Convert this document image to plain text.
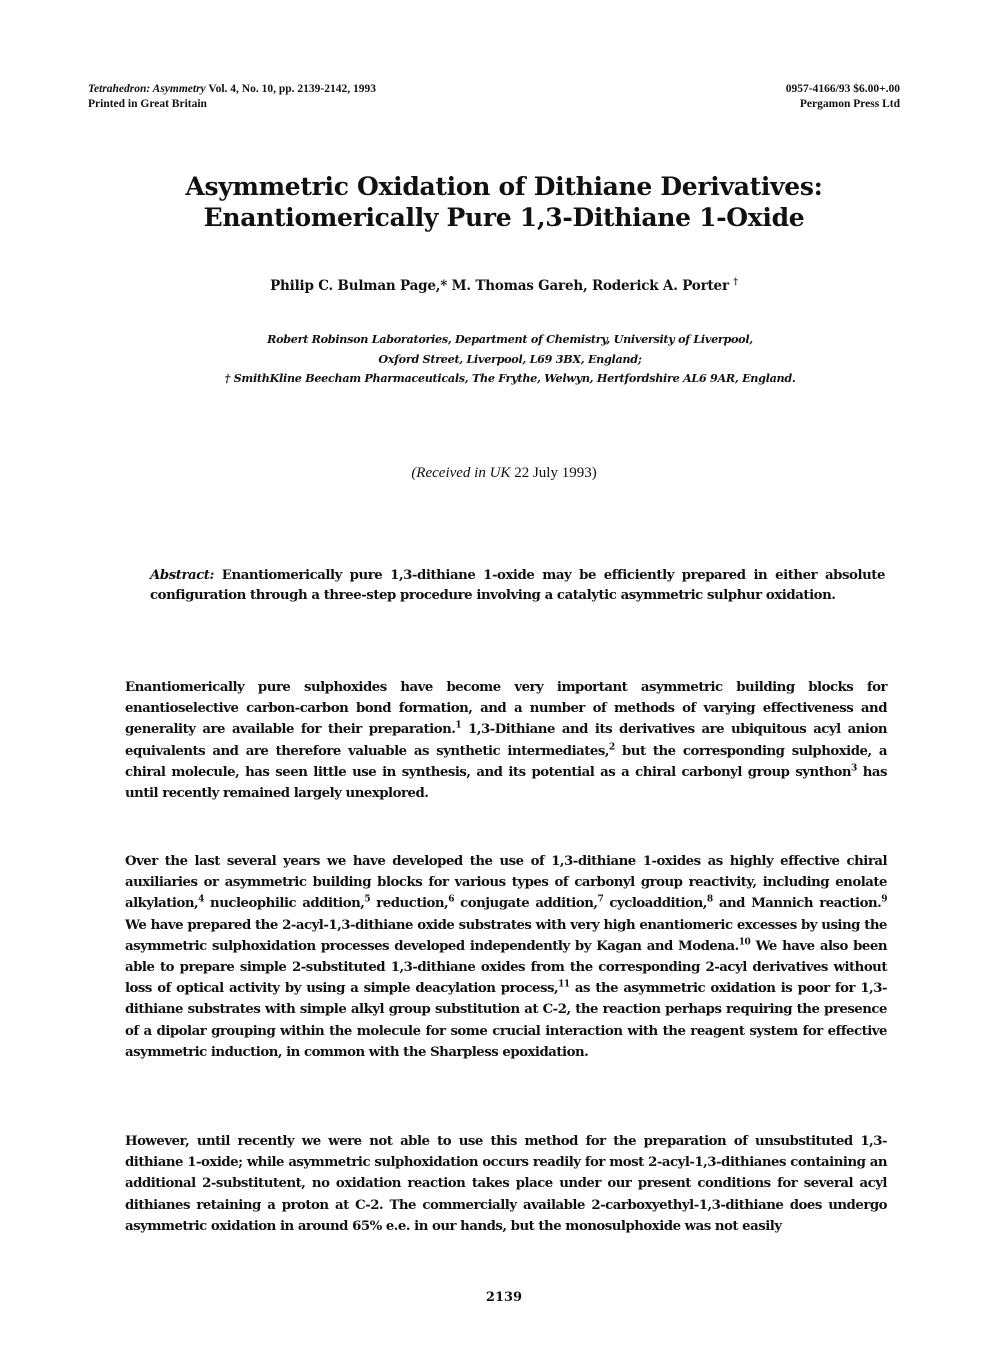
Tetrahedron: Asymmetry Vol. 4, No. 10, pp. 2139-2142, 1993
Printed in Great Britain
0957-4166/93 $6.00+.00
Pergamon Press Ltd
Asymmetric Oxidation of Dithiane Derivatives:
Enantiomerically Pure 1,3-Dithiane 1-Oxide
Philip C. Bulman Page,* M. Thomas Gareh, Roderick A. Porter †
Robert Robinson Laboratories, Department of Chemistry, University of Liverpool,
Oxford Street, Liverpool, L69 3BX, England;
† SmithKline Beecham Pharmaceuticals, The Frythe, Welwyn, Hertfordshire AL6 9AR, England.
(Received in UK 22 July 1993)
Abstract: Enantiomerically pure 1,3-dithiane 1-oxide may be efficiently prepared in either absolute configuration through a three-step procedure involving a catalytic asymmetric sulphur oxidation.
Enantiomerically pure sulphoxides have become very important asymmetric building blocks for enantioselective carbon-carbon bond formation, and a number of methods of varying effectiveness and generality are available for their preparation.$^1$ 1,3-Dithiane and its derivatives are ubiquitous acyl anion equivalents and are therefore valuable as synthetic intermediates,$^2$ but the corresponding sulphoxide, a chiral molecule, has seen little use in synthesis, and its potential as a chiral carbonyl group synthon$^3$ has until recently remained largely unexplored.
Over the last several years we have developed the use of 1,3-dithiane 1-oxides as highly effective chiral auxiliaries or asymmetric building blocks for various types of carbonyl group reactivity, including enolate alkylation,$^4$ nucleophilic addition,$^5$ reduction,$^6$ conjugate addition,$^7$ cycloaddition,$^8$ and Mannich reaction.$^9$ We have prepared the 2-acyl-1,3-dithiane oxide substrates with very high enantiomeric excesses by using the asymmetric sulphoxidation processes developed independently by Kagan and Modena.$^{10}$ We have also been able to prepare simple 2-substituted 1,3-dithiane oxides from the corresponding 2-acyl derivatives without loss of optical activity by using a simple deacylation process,$^{11}$ as the asymmetric oxidation is poor for 1,3-dithiane substrates with simple alkyl group substitution at C-2, the reaction perhaps requiring the presence of a dipolar grouping within the molecule for some crucial interaction with the reagent system for effective asymmetric induction, in common with the Sharpless epoxidation.
However, until recently we were not able to use this method for the preparation of unsubstituted 1,3-dithiane 1-oxide; while asymmetric sulphoxidation occurs readily for most 2-acyl-1,3-dithianes containing an additional 2-substitutent, no oxidation reaction takes place under our present conditions for several acyl dithianes retaining a proton at C-2. The commercially available 2-carboxyethyl-1,3-dithiane does undergo asymmetric oxidation in around 65% e.e. in our hands, but the monosulphoxide was not easily
2139
